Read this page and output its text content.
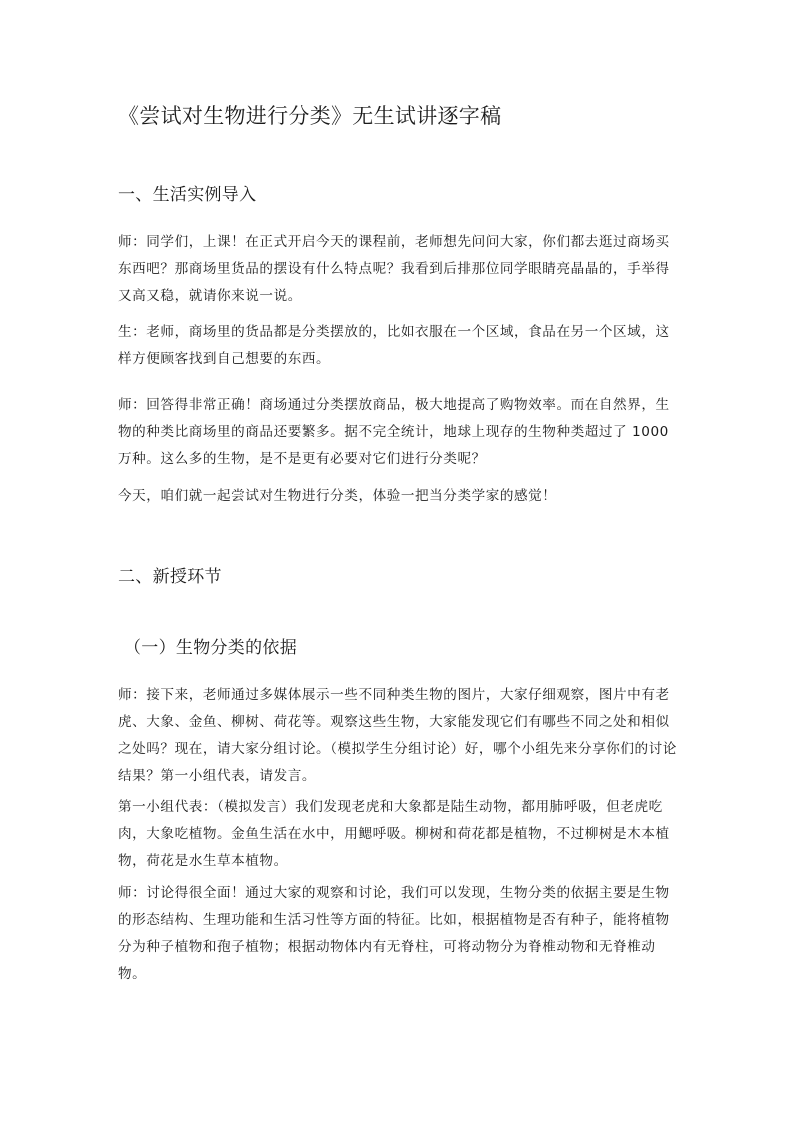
《尝试对生物进行分类》无生试讲逐字稿
一、生活实例导入

师：同学们，上课！在正式开启今天的课程前，老师想先问问大家，你们都去逛过商场买东西吧？那商场里货品的摆设有什么特点呢？我看到后排那位同学眼睛亮晶晶的，手举得又高又稳，就请你来说一说。

生：老师，商场里的货品都是分类摆放的，比如衣服在一个区域，食品在另一个区域，这样方便顾客找到自己想要的东西。

师：回答得非常正确！商场通过分类摆放商品，极大地提高了购物效率。而在自然界，生物的种类比商场里的商品还要繁多。据不完全统计，地球上现存的生物种类超过了 1000 万种。这么多的生物，是不是更有必要对它们进行分类呢？

今天，咱们就一起尝试对生物进行分类，体验一把当分类学家的感觉！

二、新授环节
（一）生物分类的依据

师：接下来，老师通过多媒体展示一些不同种类生物的图片，大家仔细观察，图片中有老虎、大象、金鱼、柳树、荷花等。观察这些生物，大家能发现它们有哪些不同之处和相似之处吗？现在，请大家分组讨论。（模拟学生分组讨论）好，哪个小组先来分享你们的讨论结果？第一小组代表，请发言。

第一小组代表：（模拟发言）我们发现老虎和大象都是陆生动物，都用肺呼吸，但老虎吃肉，大象吃植物。金鱼生活在水中，用鳃呼吸。柳树和荷花都是植物，不过柳树是木本植物，荷花是水生草本植物。

师：讨论得很全面！通过大家的观察和讨论，我们可以发现，生物分类的依据主要是生物的形态结构、生理功能和生活习性等方面的特征。比如，根据植物是否有种子，能将植物分为种子植物和孢子植物；根据动物体内有无脊柱，可将动物分为脊椎动物和无脊椎动物。
